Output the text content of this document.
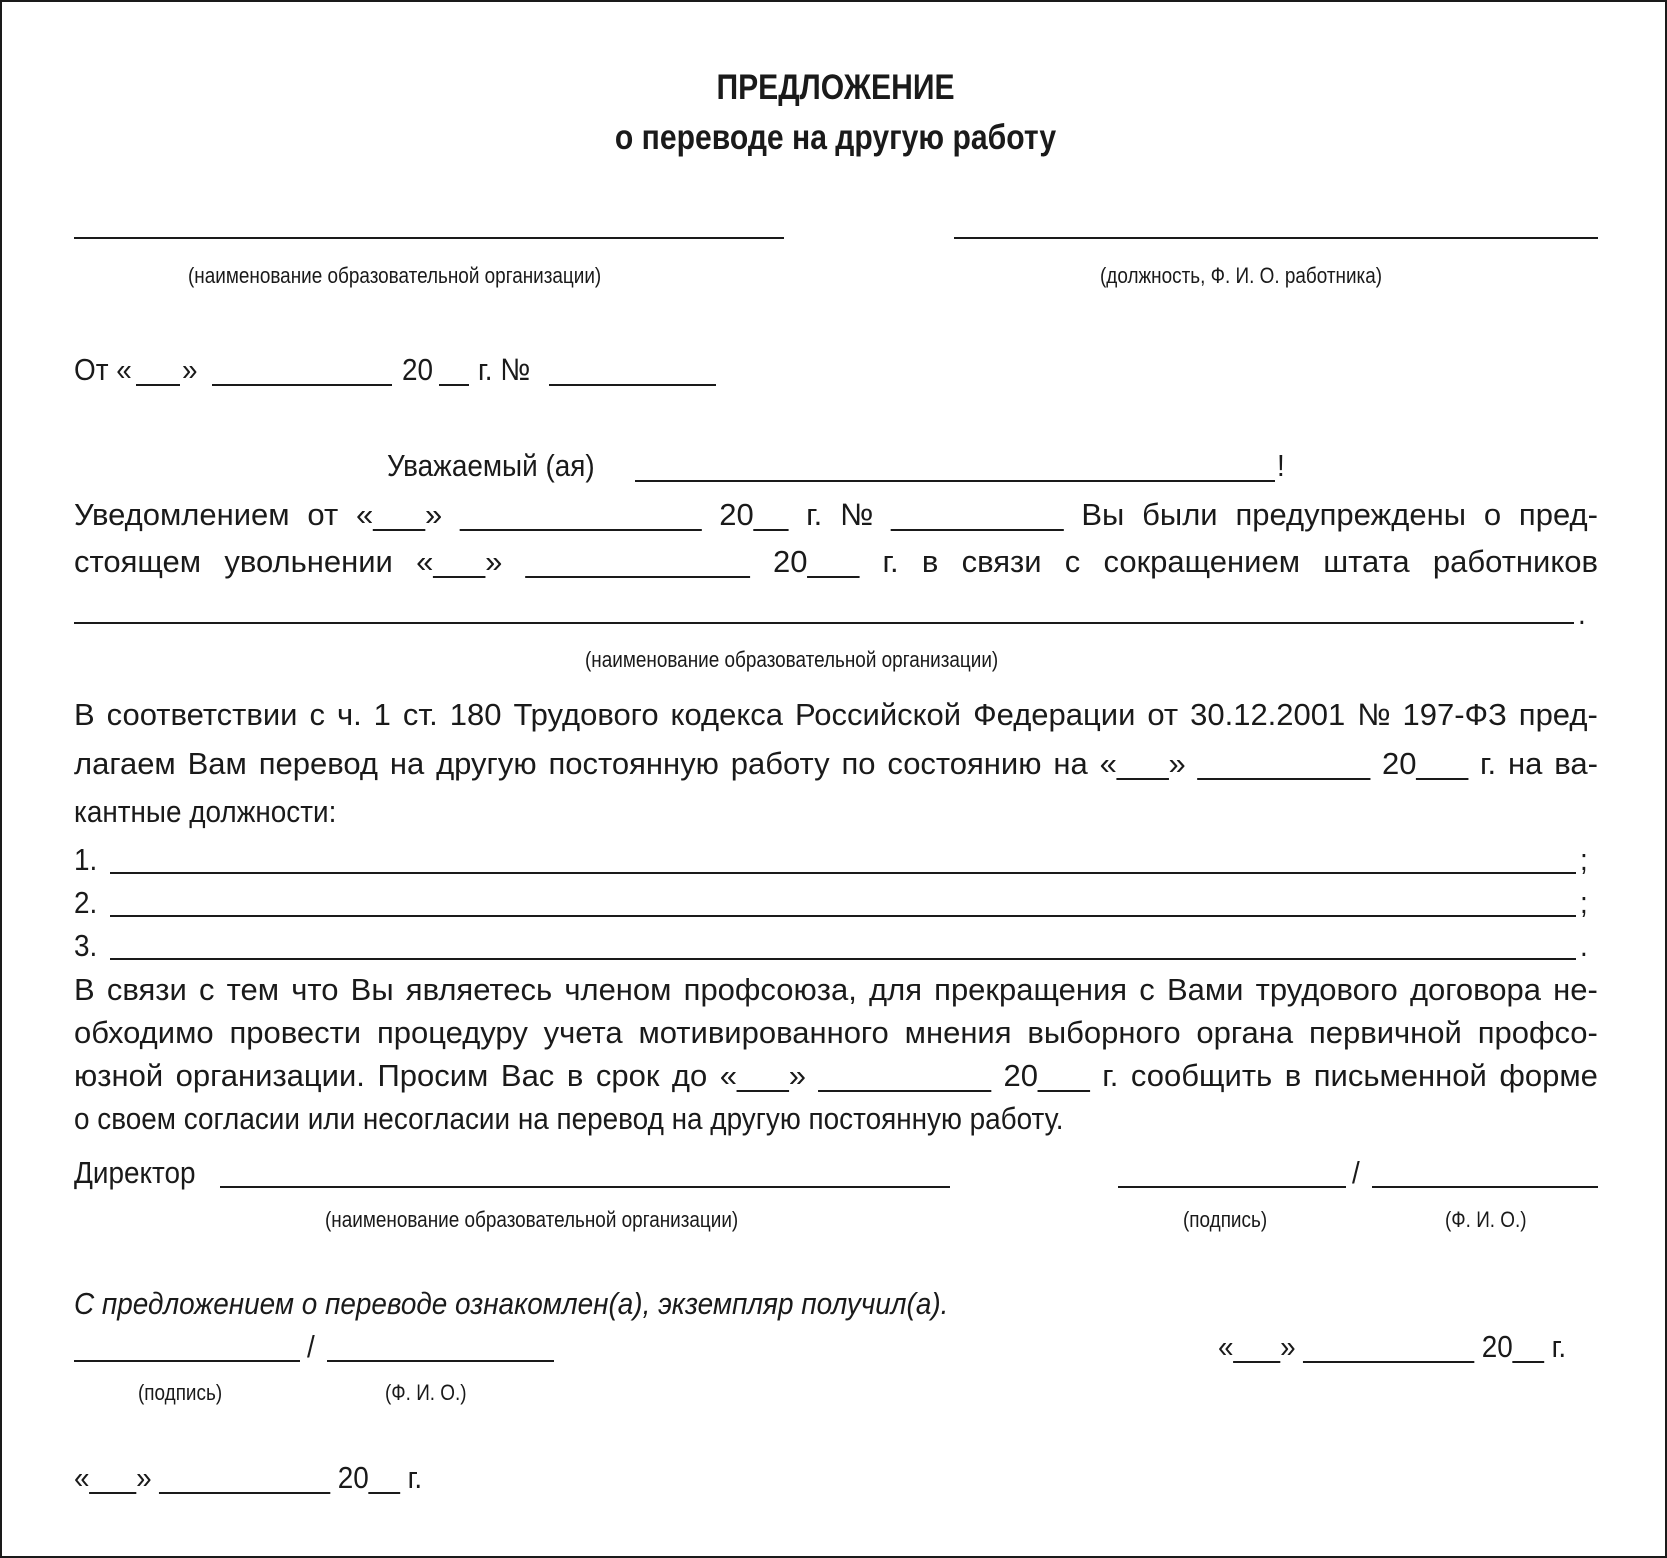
ПРЕДЛОЖЕНИЕ
о переводе на другую работу
(наименование образовательной организации)	(должность, Ф. И. О. работника)
От « »	20 г. №
Уважаемый (ая)	!
Уведомлением от «___» ______________ 20__ г. № __________ Вы были предупреждены о пред-
стоящем увольнении «___» _____________ 20___ г. в связи с сокращением штата работников
.
(наименование образовательной организации)
В соответствии с ч. 1 ст. 180 Трудового кодекса Российской Федерации от 30.12.2001 № 197-ФЗ пред-
лагаем Вам перевод на другую постоянную работу по состоянию на «___» __________ 20___ г. на ва-
кантные должности:
1.	;
2.	;
3.	.
В связи с тем что Вы являетесь членом профсоюза, для прекращения с Вами трудового договора не-
обходимо провести процедуру учета мотивированного мнения выборного органа первичной профсо-
юзной организации. Просим Вас в срок до «___» __________ 20___ г. сообщить в письменной форме
о своем согласии или несогласии на перевод на другую постоянную работу.
Директор	/
(наименование образовательной организации)	(подпись)	(Ф. И. О.)
С предложением о переводе ознакомлен(а), экземпляр получил(а).
/	«___» ___________ 20__ г.
(подпись)	(Ф. И. О.)
«___» ___________ 20__ г.
